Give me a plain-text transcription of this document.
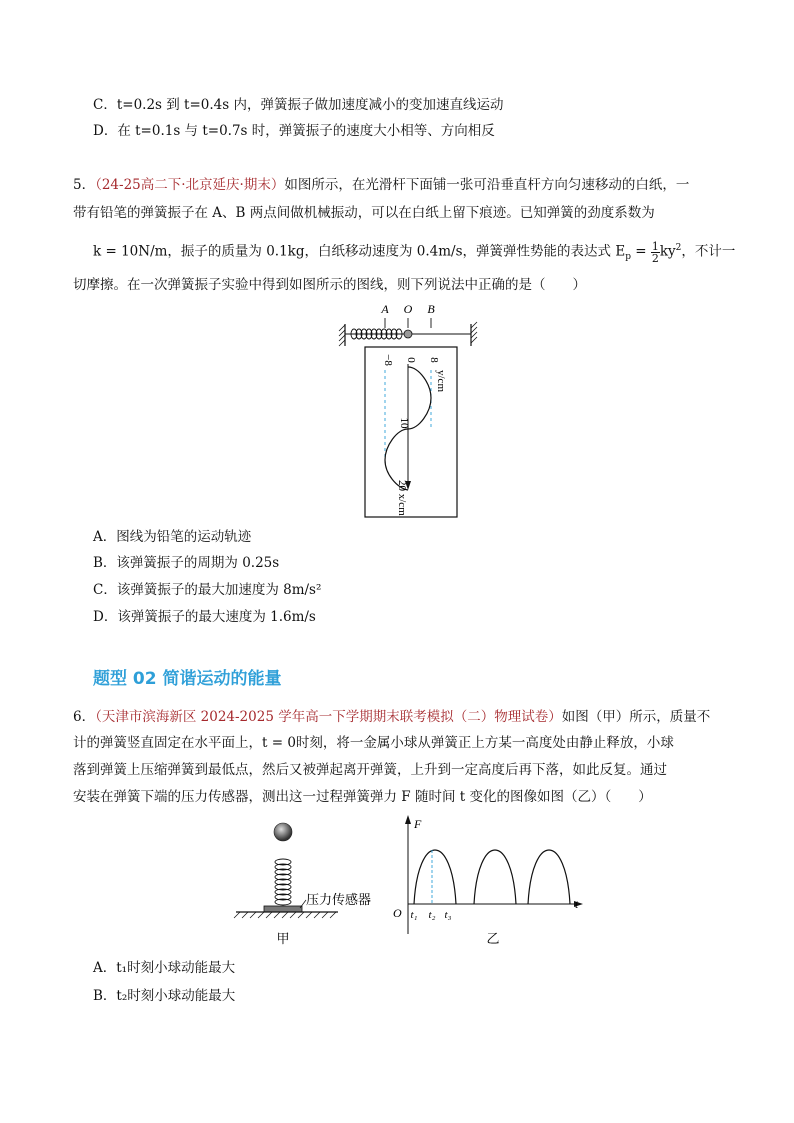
C．t=0.2s 到 t=0.4s 内，弹簧振子做加速度减小的变加速直线运动
D．在 t=0.1s 与 t=0.7s 时，弹簧振子的速度大小相等、方向相反
5．（24-25高二下·北京延庆·期末）如图所示，在光滑杆下面铺一张可沿垂直杆方向匀速移动的白纸，一
带有铅笔的弹簧振子在 A、B 两点间做机械振动，可以在白纸上留下痕迹。已知弹簧的劲度系数为
k = 10N/m，振子的质量为 0.1kg，白纸移动速度为 0.4m/s，弹簧弹性势能的表达式 $E_p = \frac{1}{2} ky^2$，不计一
切摩擦。在一次弹簧振子实验中得到如图所示的图线，则下列说法中正确的是（　　）
A O B
−8 0 8
y/cm
10
20 x/cm
A．图线为铅笔的运动轨迹
B．该弹簧振子的周期为 0.25s
C．该弹簧振子的最大加速度为 8m/s²
D．该弹簧振子的最大速度为 1.6m/s
题型 02 简谐运动的能量
6．（天津市滨海新区 2024-2025 学年高一下学期期末联考模拟（二）物理试卷）如图（甲）所示，质量不
计的弹簧竖直固定在水平面上，t = 0时刻，将一金属小球从弹簧正上方某一高度处由静止释放，小球
落到弹簧上压缩弹簧到最低点，然后又被弹起离开弹簧，上升到一定高度后再下落，如此反复。通过
安装在弹簧下端的压力传感器，测出这一过程弹簧弹力 F 随时间 t 变化的图像如图（乙）（　　）
压力传感器
甲
F
t
O t₁ t₂ t₃
乙
A．t₁时刻小球动能最大
B．t₂时刻小球动能最大
